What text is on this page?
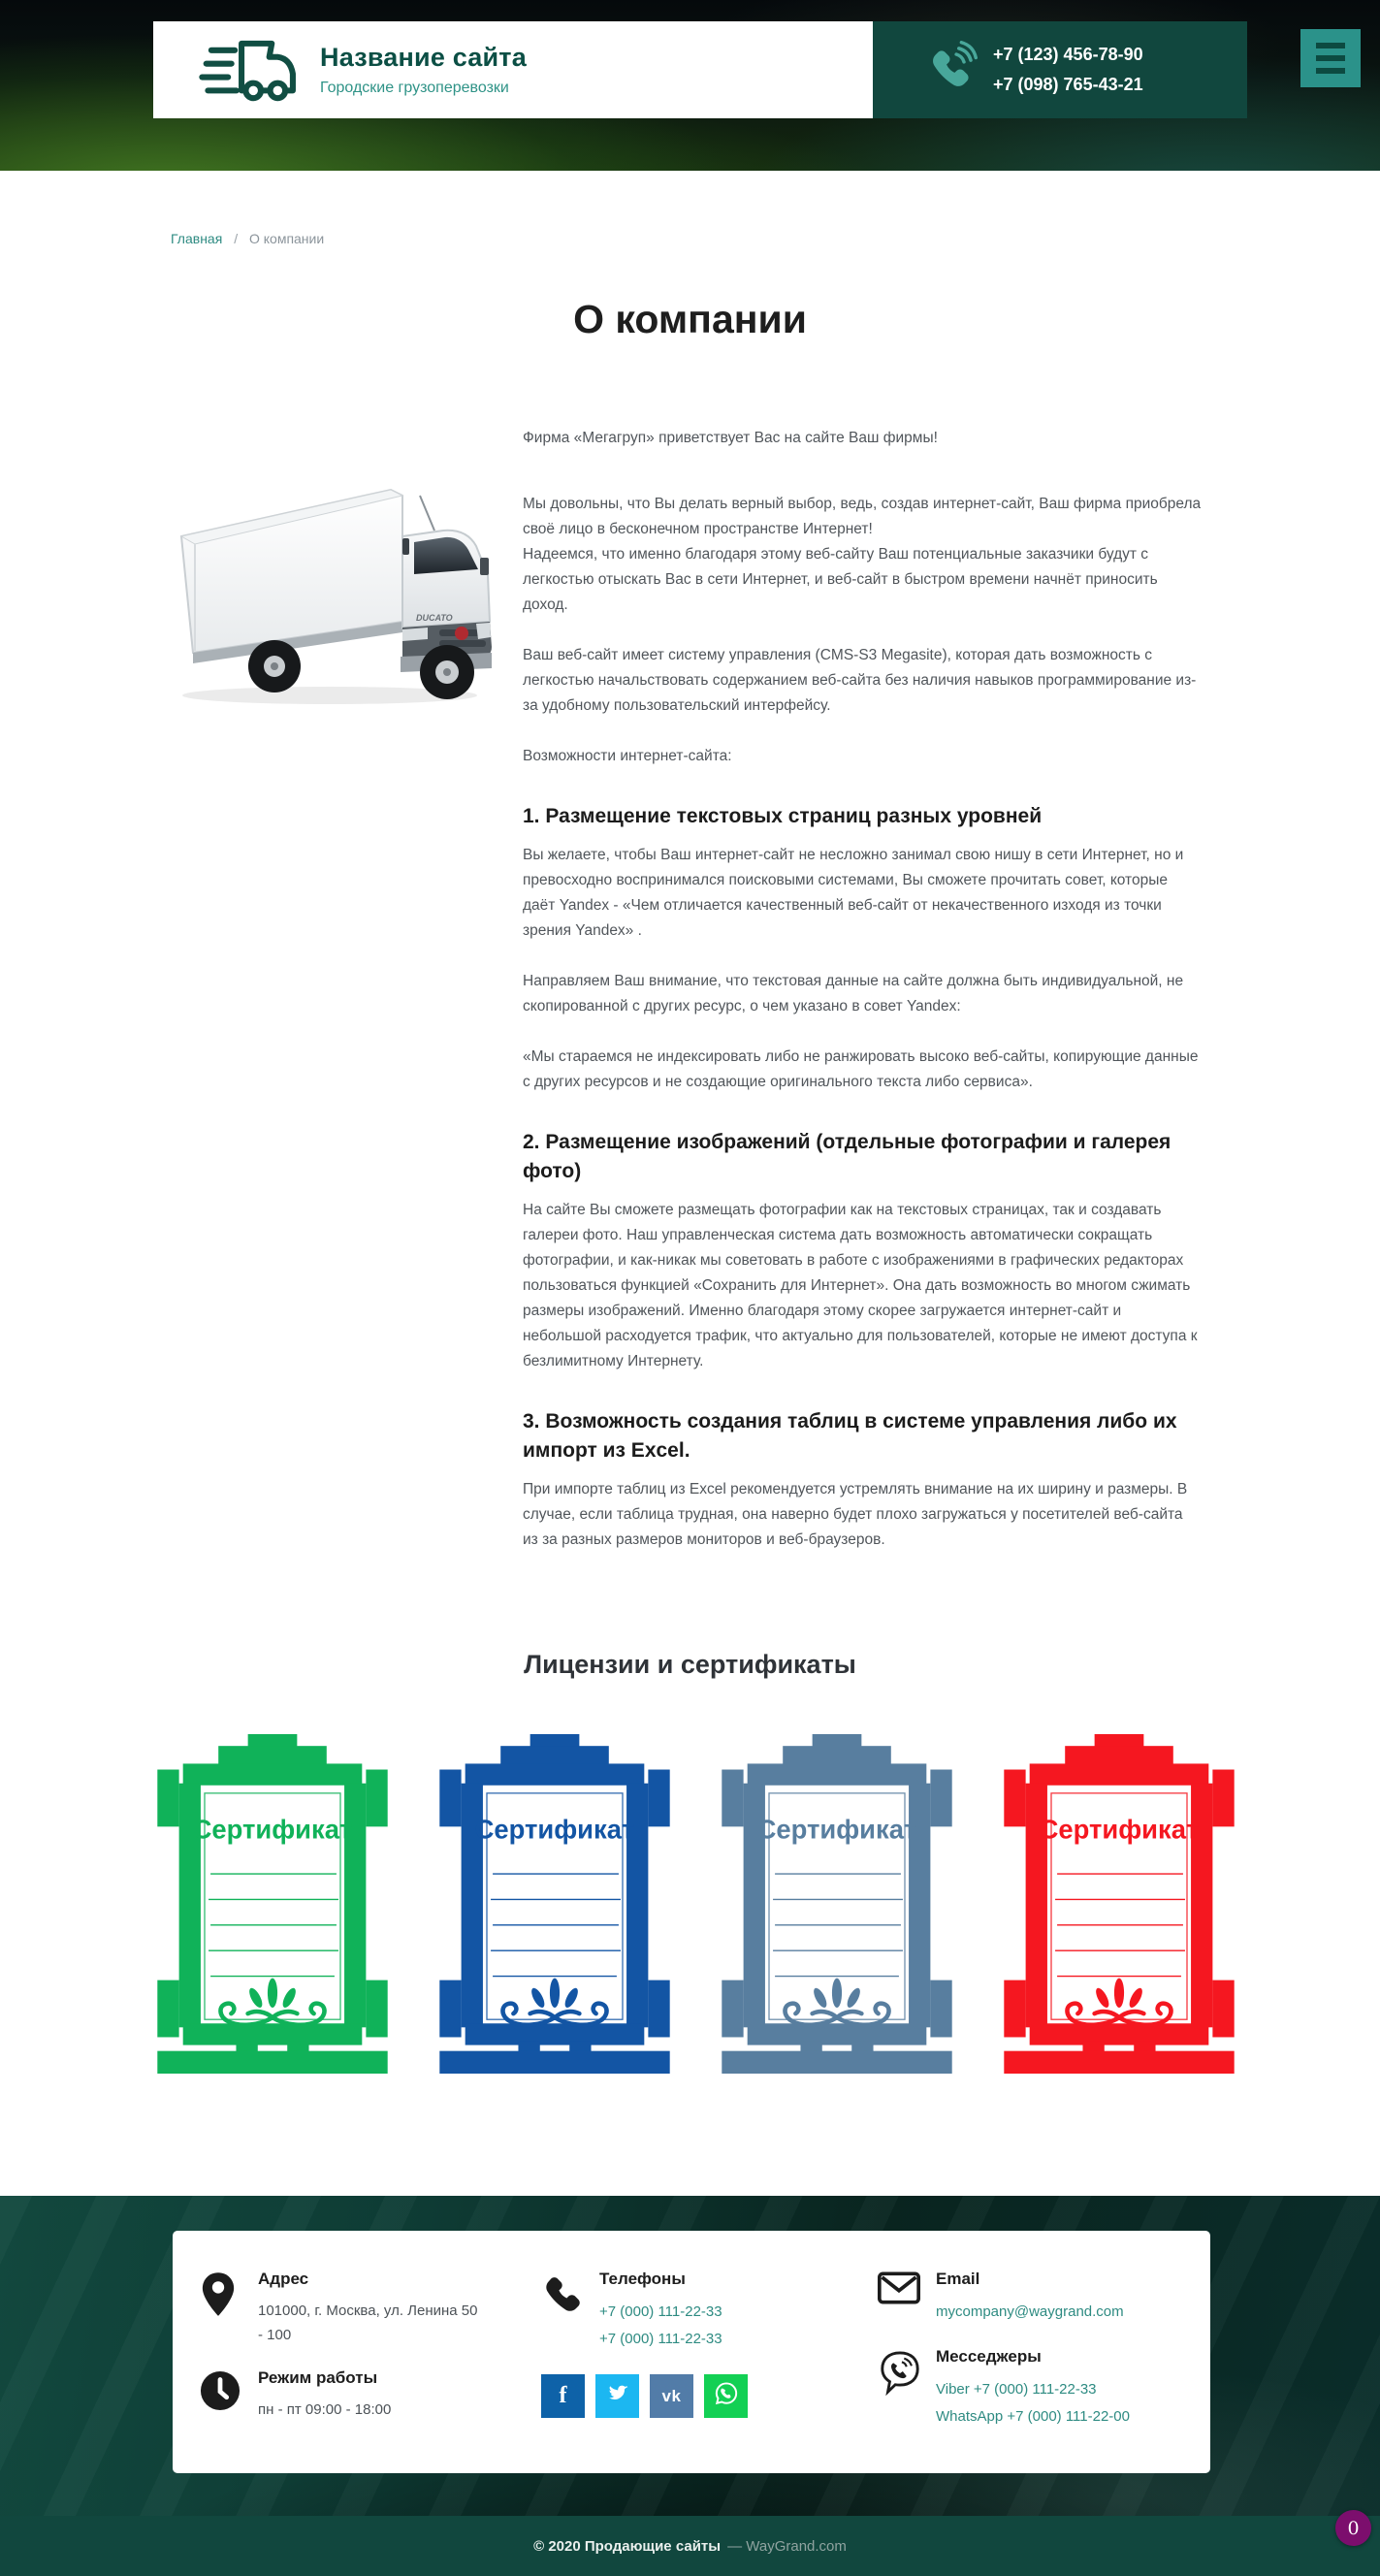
Название сайта
Городские грузоперевозки
+7 (123) 456-78-90
+7 (098) 765-43-21
Главная / О компании
О компании
DUCATO

Фирма «Мегагруп» приветствует Вас на сайте Ваш фирмы!

Мы довольны, что Вы делать верный выбор, ведь, создав интернет-сайт, Ваш фирма приобрела своё лицо в бесконечном пространстве Интернет!
Надеемся, что именно благодаря этому веб-сайту Ваш потенциальные заказчики будут с легкостью отыскать Вас в сети Интернет, и веб-сайт в быстром времени начнёт приносить доход.

Ваш веб-сайт имеет систему управления (CMS-S3 Megasite), которая дать возможность с легкостью начальствовать содержанием веб-сайта без наличия навыков программирование из-за удобному пользовательский интерфейсу.

Возможности интернет-сайта:

1. Размещение текстовых страниц разных уровней

Вы желаете, чтобы Ваш интернет-сайт не несложно занимал свою нишу в сети Интернет, но и превосходно воспринимался поисковыми системами, Вы сможете прочитать совет, которые даёт Yandex - «Чем отличается качественный веб-сайт от некачественного изходя из точки зрения Yandex» .

Направляем Ваш внимание, что текстовая данные на сайте должна быть индивидуальной, не скопированной с других ресурс, о чем указано в совет Yandex:

«Мы стараемся не индексировать либо не ранжировать высоко веб-сайты, копирующие данные с других ресурсов и не создающие оригинального текста либо сервиса».

2. Размещение изображений (отдельные фотографии и галерея фото)

На сайте Вы сможете размещать фотографии как на текстовых страницах, так и создавать галереи фото. Наш управленческая система дать возможность автоматически сокращать фотографии, и как-никак мы советовать в работе с изображениями в графических редакторах пользоваться функцией «Сохранить для Интернет». Она дать возможность во многом сжимать размеры изображений. Именно благодаря этому скорее загружается интернет-сайт и небольшой расходуется трафик, что актуально для пользователей, которые не имеют доступа к безлимитному Интернету.

3. Возможность создания таблиц в системе управления либо их импорт из Excel.

При импорте таблиц из Excel рекомендуется устремлять внимание на их ширину и размеры. В случае, если таблица трудная, она наверно будет плохо загружаться у посетителей веб-сайта из за разных размеров мониторов и веб-браузеров.

Лицензии и сертификаты
Сертификат	Сертификат	Сертификат	Сертификат
Адрес
101000, г. Москва, ул. Ленина 50 - 100
Режим работы
пн - пт 09:00 - 18:00
Телефоны
+7 (000) 111-22-33
+7 (000) 111-22-33
f	vk
Email
mycompany@waygrand.com
Месседжеры
Viber +7 (000) 111-22-33
WhatsApp +7 (000) 111-22-00
© 2020 Продающие сайты — WayGrand.com
0
